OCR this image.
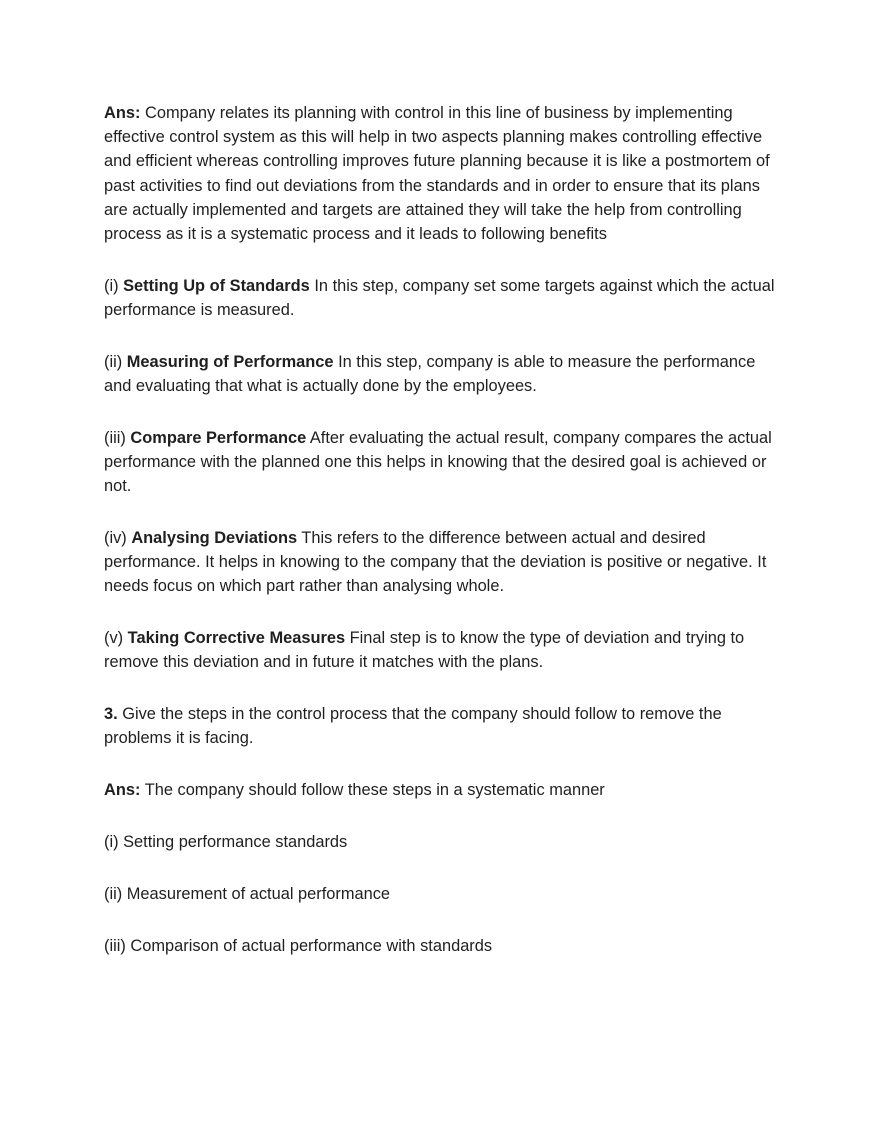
Ans: Company relates its planning with control in this line of business by implementing effective control system as this will help in two aspects planning makes controlling effective and efficient whereas controlling improves future planning because it is like a postmortem of past activities to find out deviations from the standards and in order to ensure that its plans are actually implemented and targets are attained they will take the help from controlling process as it is a systematic process and it leads to following benefits

(i) Setting Up of Standards In this step, company set some targets against which the actual performance is measured.

(ii) Measuring of Performance In this step, company is able to measure the performance and evaluating that what is actually done by the employees.

(iii) Compare Performance After evaluating the actual result, company compares the actual performance with the planned one this helps in knowing that the desired goal is achieved or not.

(iv) Analysing Deviations This refers to the difference between actual and desired performance. It helps in knowing to the company that the deviation is positive or negative. It needs focus on which part rather than analysing whole.

(v) Taking Corrective Measures Final step is to know the type of deviation and trying to remove this deviation and in future it matches with the plans.

3. Give the steps in the control process that the company should follow to remove the problems it is facing.

Ans: The company should follow these steps in a systematic manner

(i) Setting performance standards

(ii) Measurement of actual performance

(iii) Comparison of actual performance with standards
